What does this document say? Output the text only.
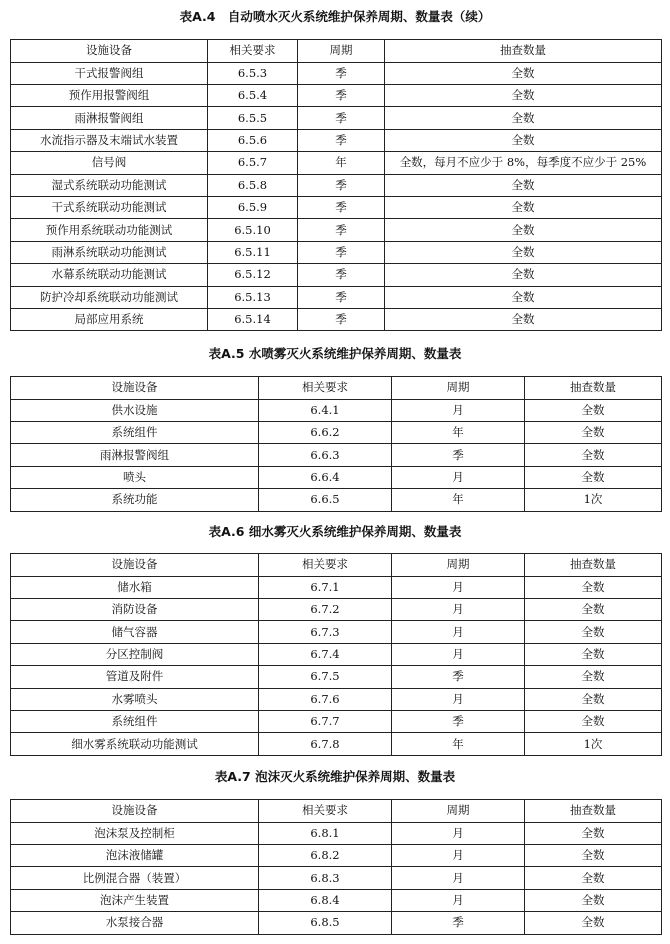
表A.4　自动喷水灭火系统维护保养周期、数量表（续）
设施设备	相关要求	周期	抽查数量
干式报警阀组	6.5.3	季	全数
预作用报警阀组	6.5.4	季	全数
雨淋报警阀组	6.5.5	季	全数
水流指示器及末端试水装置	6.5.6	季	全数
信号阀	6.5.7	年	全数，每月不应少于 8%，每季度不应少于 25%
湿式系统联动功能测试	6.5.8	季	全数
干式系统联动功能测试	6.5.9	季	全数
预作用系统联动功能测试	6.5.10	季	全数
雨淋系统联动功能测试	6.5.11	季	全数
水幕系统联动功能测试	6.5.12	季	全数
防护冷却系统联动功能测试	6.5.13	季	全数
局部应用系统	6.5.14	季	全数
表A.5 水喷雾灭火系统维护保养周期、数量表
设施设备	相关要求	周期	抽查数量
供水设施	6.4.1	月	全数
系统组件	6.6.2	年	全数
雨淋报警阀组	6.6.3	季	全数
喷头	6.6.4	月	全数
系统功能	6.6.5	年	1次
表A.6 细水雾灭火系统维护保养周期、数量表
设施设备	相关要求	周期	抽查数量
储水箱	6.7.1	月	全数
消防设备	6.7.2	月	全数
储气容器	6.7.3	月	全数
分区控制阀	6.7.4	月	全数
管道及附件	6.7.5	季	全数
水雾喷头	6.7.6	月	全数
系统组件	6.7.7	季	全数
细水雾系统联动功能测试	6.7.8	年	1次
表A.7 泡沫灭火系统维护保养周期、数量表
设施设备	相关要求	周期	抽查数量
泡沫泵及控制柜	6.8.1	月	全数
泡沫液储罐	6.8.2	月	全数
比例混合器（装置）	6.8.3	月	全数
泡沫产生装置	6.8.4	月	全数
水泵接合器	6.8.5	季	全数
